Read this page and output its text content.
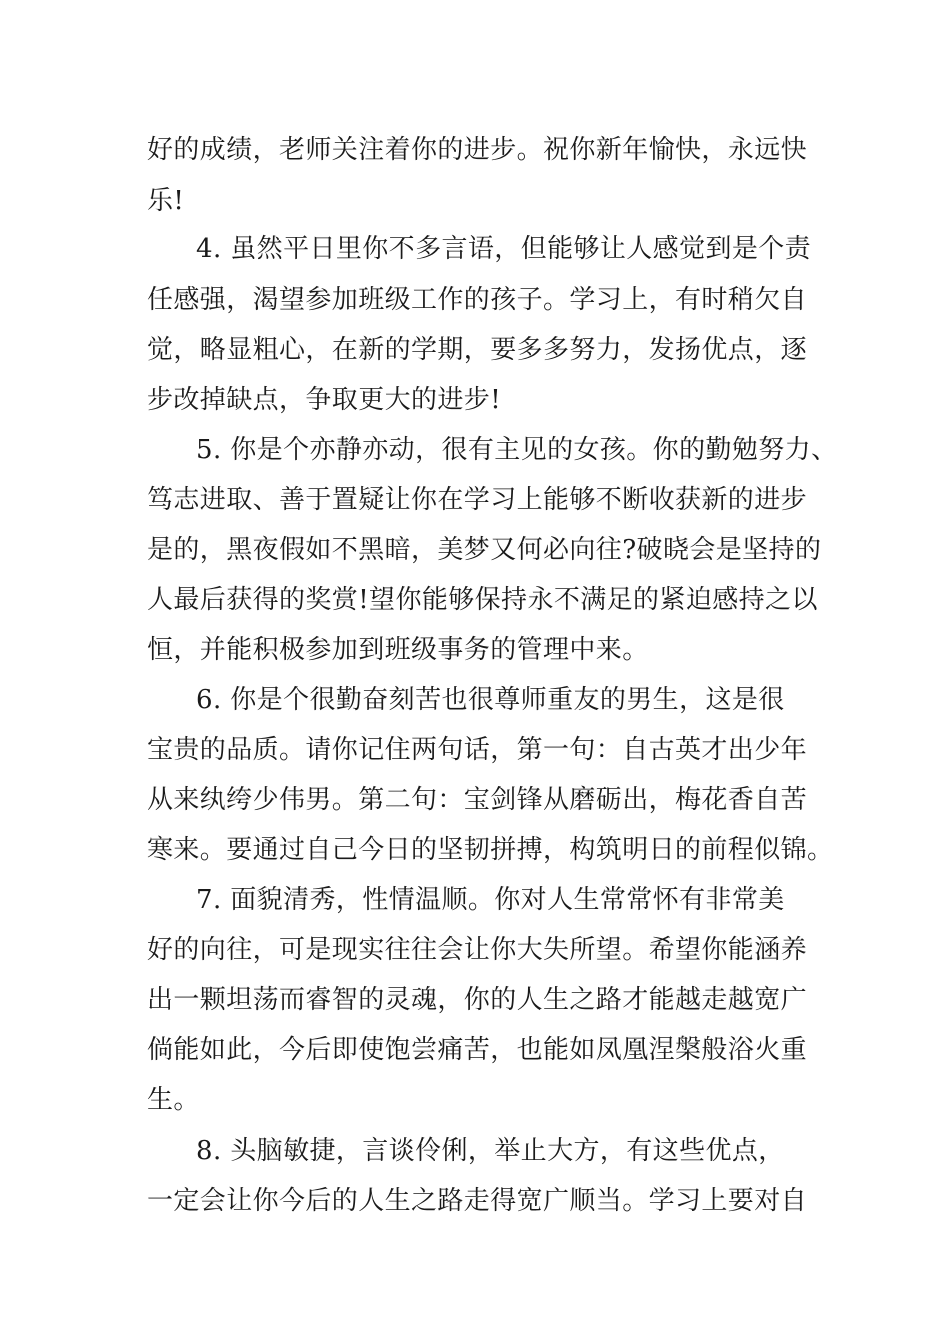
好的成绩，老师关注着你的进步。祝你新年愉快，永远快
乐!
4. 虽然平日里你不多言语，但能够让人感觉到是个责
任感强，渴望参加班级工作的孩子。学习上，有时稍欠自
觉，略显粗心，在新的学期，要多多努力，发扬优点，逐
步改掉缺点，争取更大的进步!
5. 你是个亦静亦动，很有主见的女孩。你的勤勉努力、
笃志进取、善于置疑让你在学习上能够不断收获新的进步
是的，黑夜假如不黑暗，美梦又何必向往?破晓会是坚持的
人最后获得的奖赏!望你能够保持永不满足的紧迫感持之以
恒，并能积极参加到班级事务的管理中来。
6. 你是个很勤奋刻苦也很尊师重友的男生，这是很
宝贵的品质。请你记住两句话，第一句：自古英才出少年
从来纨绔少伟男。第二句：宝剑锋从磨砺出，梅花香自苦
寒来。要通过自己今日的坚韧拼搏，构筑明日的前程似锦。
7. 面貌清秀，性情温顺。你对人生常常怀有非常美
好的向往，可是现实往往会让你大失所望。希望你能涵养
出一颗坦荡而睿智的灵魂，你的人生之路才能越走越宽广
倘能如此，今后即使饱尝痛苦，也能如凤凰涅槃般浴火重
生。
8. 头脑敏捷，言谈伶俐，举止大方，有这些优点，
一定会让你今后的人生之路走得宽广顺当。学习上要对自
